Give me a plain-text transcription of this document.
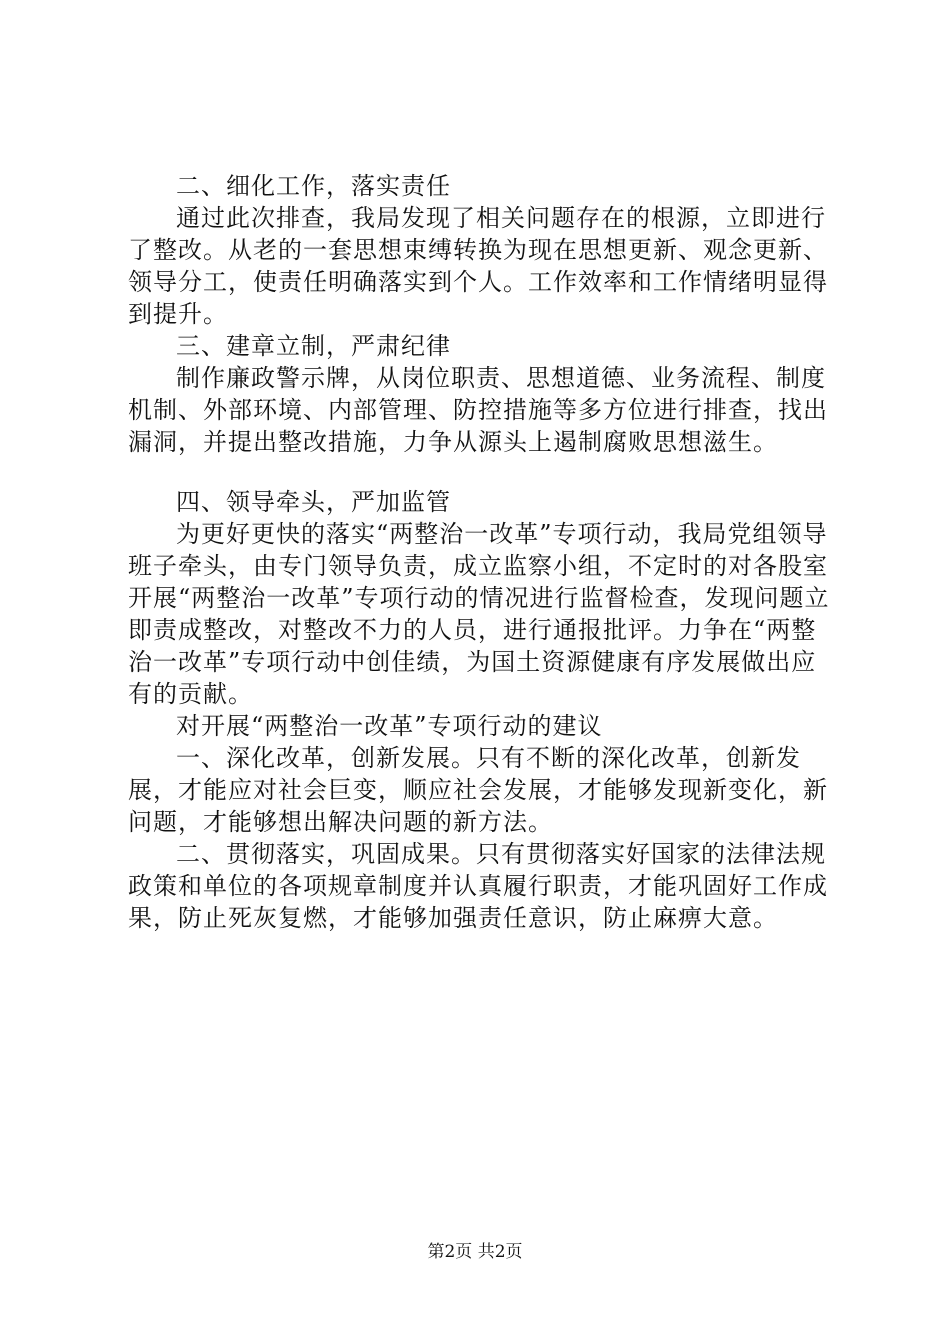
二、细化工作，落实责任

通过此次排查，我局发现了相关问题存在的根源，立即进行了整改。从老的一套思想束缚转换为现在思想更新、观念更新、领导分工，使责任明确落实到个人。工作效率和工作情绪明显得到提升。

三、建章立制，严肃纪律

制作廉政警示牌，从岗位职责、思想道德、业务流程、制度机制、外部环境、内部管理、防控措施等多方位进行排查，找出漏洞，并提出整改措施，力争从源头上遏制腐败思想滋生。

四、领导牵头，严加监管

为更好更快的落实“两整治一改革”专项行动，我局党组领导班子牵头，由专门领导负责，成立监察小组，不定时的对各股室开展“两整治一改革”专项行动的情况进行监督检查，发现问题立即责成整改，对整改不力的人员，进行通报批评。力争在“两整治一改革”专项行动中创佳绩，为国土资源健康有序发展做出应有的贡献。

对开展“两整治一改革”专项行动的建议

一、深化改革，创新发展。只有不断的深化改革，创新发展，才能应对社会巨变，顺应社会发展，才能够发现新变化，新问题，才能够想出解决问题的新方法。

二、贯彻落实，巩固成果。只有贯彻落实好国家的法律法规政策和单位的各项规章制度并认真履行职责，才能巩固好工作成果，防止死灰复燃，才能够加强责任意识，防止麻痹大意。

第2页 共2页
